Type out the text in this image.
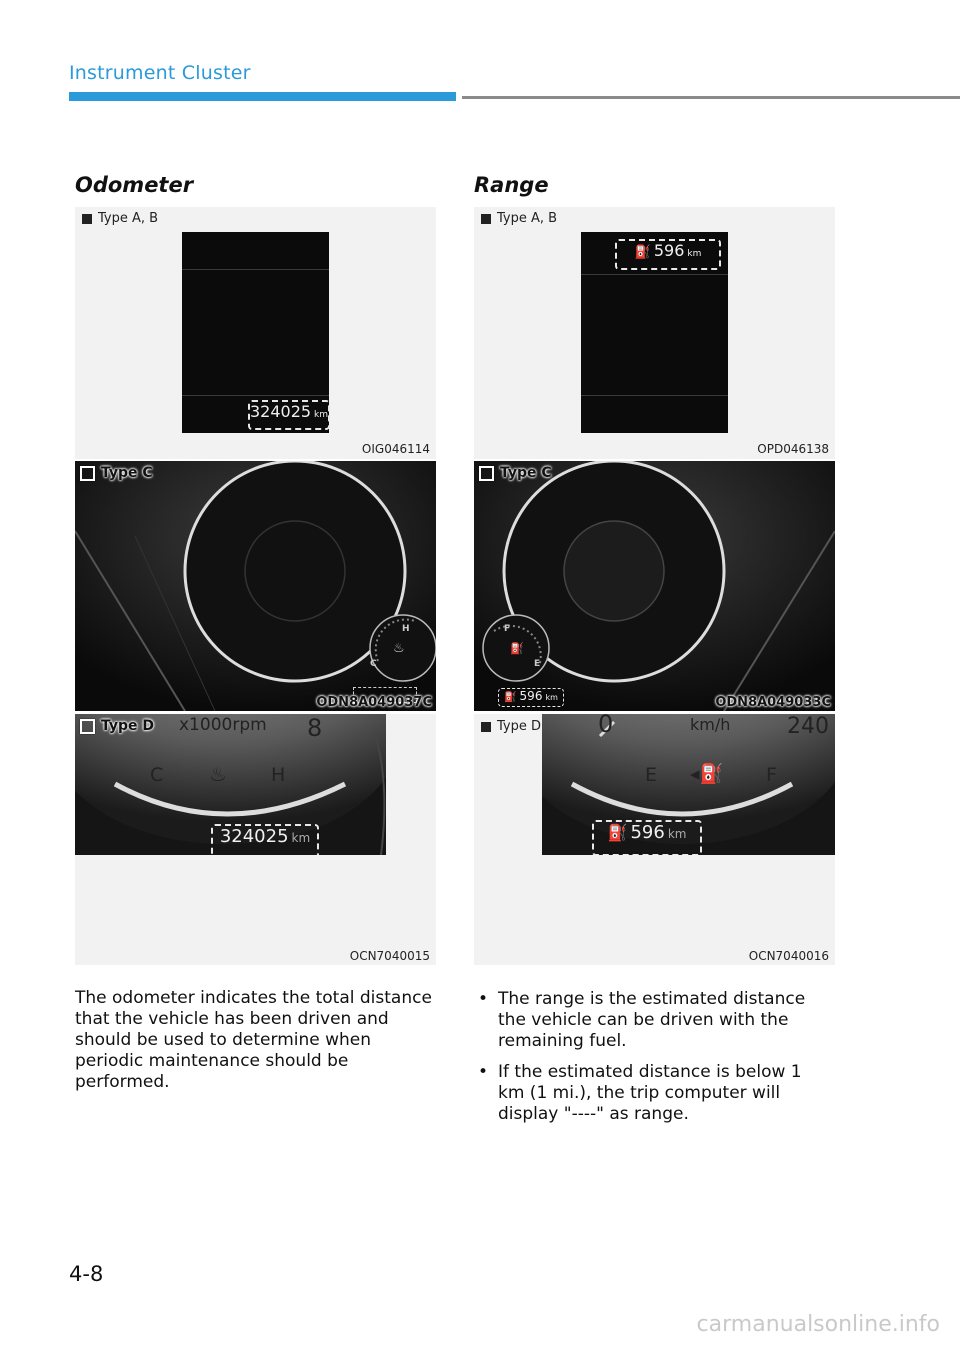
Instrument Cluster
Odometer
Type A, B
324025 km
OIG046114
Type C
H
C
♨
ODN8A049037C
Type D x1000rpm 8
C ♨ H
324025 km
OCN7040015
The odometer indicates the total distance that the vehicle has been driven and should be used to determine when periodic maintenance should be performed.
Range
Type A, B
⛽ 596 km
OPD046138
Type C
F
E
⛽
⛽ 596 km	ODN8A049033C
Type D 0	km/h	240
E ◂⛽ F
⛽ 596 km
OCN7040016
• The range is the estimated distance the vehicle can be driven with the remaining fuel.
• If the estimated distance is below 1 km (1 mi.), the trip computer will display "----" as range.
4-8
carmanualsonline.info
